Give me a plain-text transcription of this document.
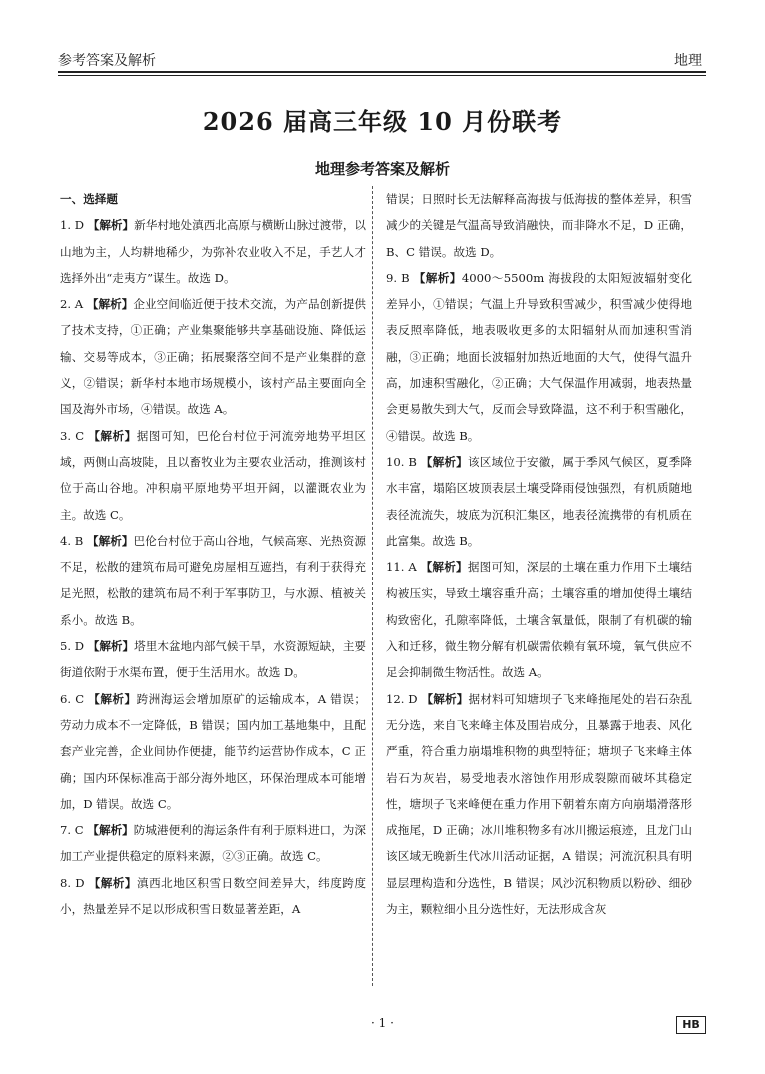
参考答案及解析	地理
2026 届高三年级 10 月份联考
地理参考答案及解析
一、选择题
1. D 【解析】新华村地处滇西北高原与横断山脉过渡带，以山地为主，人均耕地稀少，为弥补农业收入不足，手艺人才选择外出“走夷方”谋生。故选 D。
2. A 【解析】企业空间临近便于技术交流，为产品创新提供了技术支持，①正确；产业集聚能够共享基础设施、降低运输、交易等成本，③正确；拓展聚落空间不是产业集群的意义，②错误；新华村本地市场规模小，该村产品主要面向全国及海外市场，④错误。故选 A。
3. C 【解析】据图可知，巴伦台村位于河流旁地势平坦区域，两侧山高坡陡，且以畜牧业为主要农业活动，推测该村位于高山谷地。冲积扇平原地势平坦开阔，以灌溉农业为主。故选 C。
4. B 【解析】巴伦台村位于高山谷地，气候高寒、光热资源不足，松散的建筑布局可避免房屋相互遮挡，有利于获得充足光照，松散的建筑布局不利于军事防卫，与水源、植被关系小。故选 B。
5. D 【解析】塔里木盆地内部气候干旱，水资源短缺，主要街道依附于水渠布置，便于生活用水。故选 D。
6. C 【解析】跨洲海运会增加原矿的运输成本，A 错误；劳动力成本不一定降低，B 错误；国内加工基地集中，且配套产业完善，企业间协作便捷，能节约运营协作成本，C 正确；国内环保标准高于部分海外地区，环保治理成本可能增加，D 错误。故选 C。
7. C 【解析】防城港便利的海运条件有利于原料进口，为深加工产业提供稳定的原料来源，②③正确。故选 C。
8. D 【解析】滇西北地区积雪日数空间差异大，纬度跨度小，热量差异不足以形成积雪日数显著差距，A
错误；日照时长无法解释高海拔与低海拔的整体差异，积雪减少的关键是气温高导致消融快，而非降水不足，D 正确，B、C 错误。故选 D。
9. B 【解析】4000～5500m 海拔段的太阳短波辐射变化差异小，①错误；气温上升导致积雪减少，积雪减少使得地表反照率降低，地表吸收更多的太阳辐射从而加速积雪消融，③正确；地面长波辐射加热近地面的大气，使得气温升高，加速积雪融化，②正确；大气保温作用减弱，地表热量会更易散失到大气，反而会导致降温，这不利于积雪融化，④错误。故选 B。
10. B 【解析】该区域位于安徽，属于季风气候区，夏季降水丰富，塌陷区坡顶表层土壤受降雨侵蚀强烈，有机质随地表径流流失，坡底为沉积汇集区，地表径流携带的有机质在此富集。故选 B。
11. A 【解析】据图可知，深层的土壤在重力作用下土壤结构被压实，导致土壤容重升高；土壤容重的增加使得土壤结构致密化，孔隙率降低，土壤含氧量低，限制了有机碳的输入和迁移，微生物分解有机碳需依赖有氧环境，氧气供应不足会抑制微生物活性。故选 A。
12. D 【解析】据材料可知塘坝子飞来峰拖尾处的岩石杂乱无分选，来自飞来峰主体及围岩成分，且暴露于地表、风化严重，符合重力崩塌堆积物的典型特征；塘坝子飞来峰主体岩石为灰岩，易受地表水溶蚀作用形成裂隙而破坏其稳定性，塘坝子飞来峰便在重力作用下朝着东南方向崩塌滑落形成拖尾，D 正确；冰川堆积物多有冰川搬运痕迹，且龙门山该区域无晚新生代冰川活动证据，A 错误；河流沉积具有明显层理构造和分选性，B 错误；风沙沉积物质以粉砂、细砂为主，颗粒细小且分选性好，无法形成含灰
· 1 ·	HB
